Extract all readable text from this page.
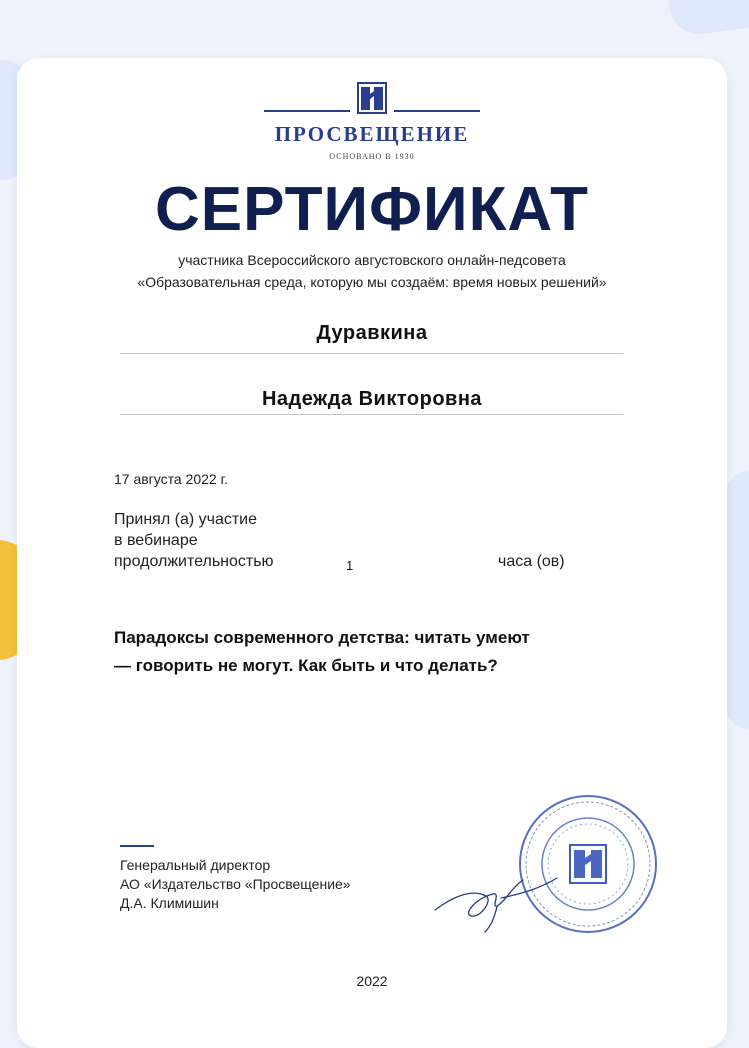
ПРОСВЕЩЕНИЕ
ОСНОВАНО В 1930
СЕРТИФИКАТ
участника Всероссийского августовского онлайн-педсовета
«Образовательная среда, которую мы создаём: время новых решений»
Дуравкина
Надежда Викторовна
17 августа 2022 г.
Принял (а) участие
в вебинаре
продолжительностью	1	часа (ов)
Парадоксы современного детства: читать умеют
— говорить не могут. Как быть и что делать?
Генеральный директор
АО «Издательство «Просвещение»
Д.А. Климишин
2022
